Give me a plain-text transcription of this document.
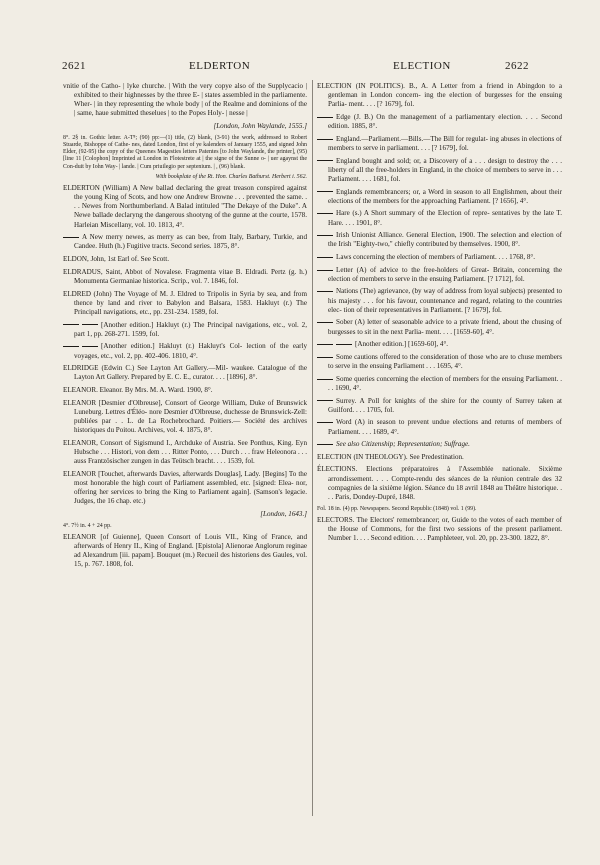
2621	ELDERTON	ELECTION	2622

vnitie of the Catho- | lyke churche. | With the very copye also of the Supplycacio | exhibited to their highnesses by the three E- | states assembled in the parliamente. Wher- | in they representing the whole body | of the Realme and dominions of the | same, haue submitted theselues | to the Popes Holy- | nesse |

[London, John Waylande, 1555.]

8°. 2§ in. Gothic letter. A-T⁸; (90) pp:—(1) title, (2) blank, (3-91) the work, addressed to Robert Stuarde, Bishoppe of Cathe- nes, dated London, first of ye kalenders of January 1555, and signed John Elder, (92-95) the copy of the Queenes Magesties letters Patentes [to John Waylande, the printer], (95) [line 11 [Colophon] Imprinted at London in Flotestrete at | the signe of the Sunne o- | uer agaynst the Con-duit by Iohn Way- | lande. | Cum priuilegio per septenium. | , (96) blank.

With bookplate of the Rt. Hon. Charles Bathurst. Herbert i. 562.

ELDERTON (William) A New ballad declaring the great treason conspired against the young King of Scots, and how one Andrew Browne . . . prevented the same. . . . Newes from Northumberland. A Balad intituled "The Dekaye of the Duke". A Newe ballade declaryng the dangerous shootyng of the gunne at the courte, 1578. Harleian Miscellany, vol. 10. 1813, 4°.

A New merry newes, as merry as can bee, from Italy, Barbary, Turkie, and Candee. Huth (h.) Fugitive tracts. Second series. 1875, 8°.

ELDON, John, 1st Earl of. See Scott.

ELDRADUS, Saint, Abbot of Novalese. Fragmenta vitae B. Eldradi. Pertz (g. h.) Monumenta Germaniae historica. Scrip., vol. 7. 1846, fol.

ELDRED (John) The Voyage of M. J. Eldred to Tripolis in Syria by sea, and from thence by land and river to Babylon and Balsara, 1583. Hakluyt (r.) The Principall navigations, etc., pp. 231-234. 1589, fol.

[Another edition.] Hakluyt (r.) The Principal navigations, etc., vol. 2, part 1, pp. 268-271. 1599, fol.

[Another edition.] Hakluyt (r.) Hakluyt's Col- lection of the early voyages, etc., vol. 2, pp. 402-406. 1810, 4°.

ELDRIDGE (Edwin C.) See Layton Art Gallery.—Mil- waukee. Catalogue of the Layton Art Gallery. Prepared by E. C. E., curator. . . . [1896], 8°.

ELEANOR. Eleanor. By Mrs. M. A. Ward. 1900, 8°.

ELEANOR [Desmier d'Olbreuse], Consort of George William, Duke of Brunswick Luneburg. Lettres d'Éléo- nore Desmier d'Olbreuse, duchesse de Brunswick-Zell: publiées par . . L. de La Rochebrochard. Poitiers.— Société des archives historiques du Poitou. Archives, vol. 4. 1875, 8°.

ELEANOR, Consort of Sigismund I., Archduke of Austria. See Ponthus, King. Eyn Hubsche . . . Histori, von dem . . . Ritter Ponto, . . . Durch . . . fraw Heleonora . . . auss Frantzösischer zungen in das Teütsch bracht. . . . 1539, fol.

ELEANOR [Touchet, afterwards Davies, afterwards Douglas], Lady. [Begins] To the most honorable the high court of Parliament assembled, etc. [signed: Elea- nor, offering her services to bring the King to Parliament again]. (Samson's legacie. Judges, the 16 chap. etc.)

[London, 1643.]

4°. 7½ in. 4 + 24 pp.

ELEANOR [of Guienne], Queen Consort of Louis VII., King of France, and afterwards of Henry II., King of England. [Epistola] Alienorae Anglorum reginae ad Alexandrum [iii. papam]. Bouquet (m.) Recueil des historiens des Gaules, vol. 15, p. 767. 1808, fol.

ELECTION (IN POLITICS). B., A. A Letter from a friend in Abingdon to a gentleman in London concern- ing the election of burgesses for the ensuing Parlia- ment. . . . [? 1679], fol.

Edge (J. B.) On the management of a parliamentary election. . . . Second edition. 1885, 8°.

England.—Parliament.—Bills.—The Bill for regulat- ing abuses in elections of members to serve in parliament. . . . [? 1679], fol.

England bought and sold; or, a Discovery of a . . . design to destroy the . . . liberty of all the free-holders in England, in the choice of members to serve in . . . Parliament. . . . 1681, fol.

Englands remembrancers; or, a Word in season to all Englishmen, about their elections of the members for the approaching Parliament. [? 1656], 4°.

Hare (s.) A Short summary of the Election of repre- sentatives by the late T. Hare. . . . 1901, 8°.

Irish Unionist Alliance. General Election, 1900. The selection and election of the Irish "Eighty-two," chiefly contributed by themselves. 1900, 8°.

Laws concerning the election of members of Parliament. . . . 1768, 8°.

Letter (A) of advice to the free-holders of Great- Britain, concerning the election of members to serve in the ensuing Parliament. [? 1712], fol.

Nations (The) agrievance, (by way of address from loyal subjects) presented to his majesty . . . for his favour, countenance and regard, relating to the countries elec- tion of their representatives in Parliament. [? 1679], fol.

Sober (A) letter of seasonable advice to a private friend, about the chusing of burgesses to sit in the next Parlia- ment. . . . [1659-60], 4°.

[Another edition.] [1659-60], 4°.

Some cautions offered to the consideration of those who are to chuse members to serve in the ensuing Parliament . . . 1695, 4°.

Some queries concerning the election of members for the ensuing Parliament. . . . 1690, 4°.

Surrey. A Poll for knights of the shire for the county of Surrey taken at Guilford. . . . 1705, fol.

Word (A) in season to prevent undue elections and returns of members of Parliament. . . . 1689, 4°.

See also Citizenship; Representation; Suffrage.

ELECTION (IN THEOLOGY). See Predestination.

ÉLECTIONS. Elections préparatoires à l'Assemblée nationale. Sixième arrondissement. . . . Compte-rendu des séances de la réunion centrale des 32 compagnies de la sixième légion. Séance du 18 avril 1848 au Théâtre historique. . . . Paris, Dondey-Dupré, 1848.

Fol. 18 in. (4) pp. Newspapers. Second Republic (1848) vol. 1 (99).

ELECTORS. The Electors' remembrancer; or, Guide to the votes of each member of the House of Commons, for the first two sessions of the present parliament. Number 1. . . . Second edition. . . . Pamphleteer, vol. 20, pp. 23-300. 1822, 8°.
